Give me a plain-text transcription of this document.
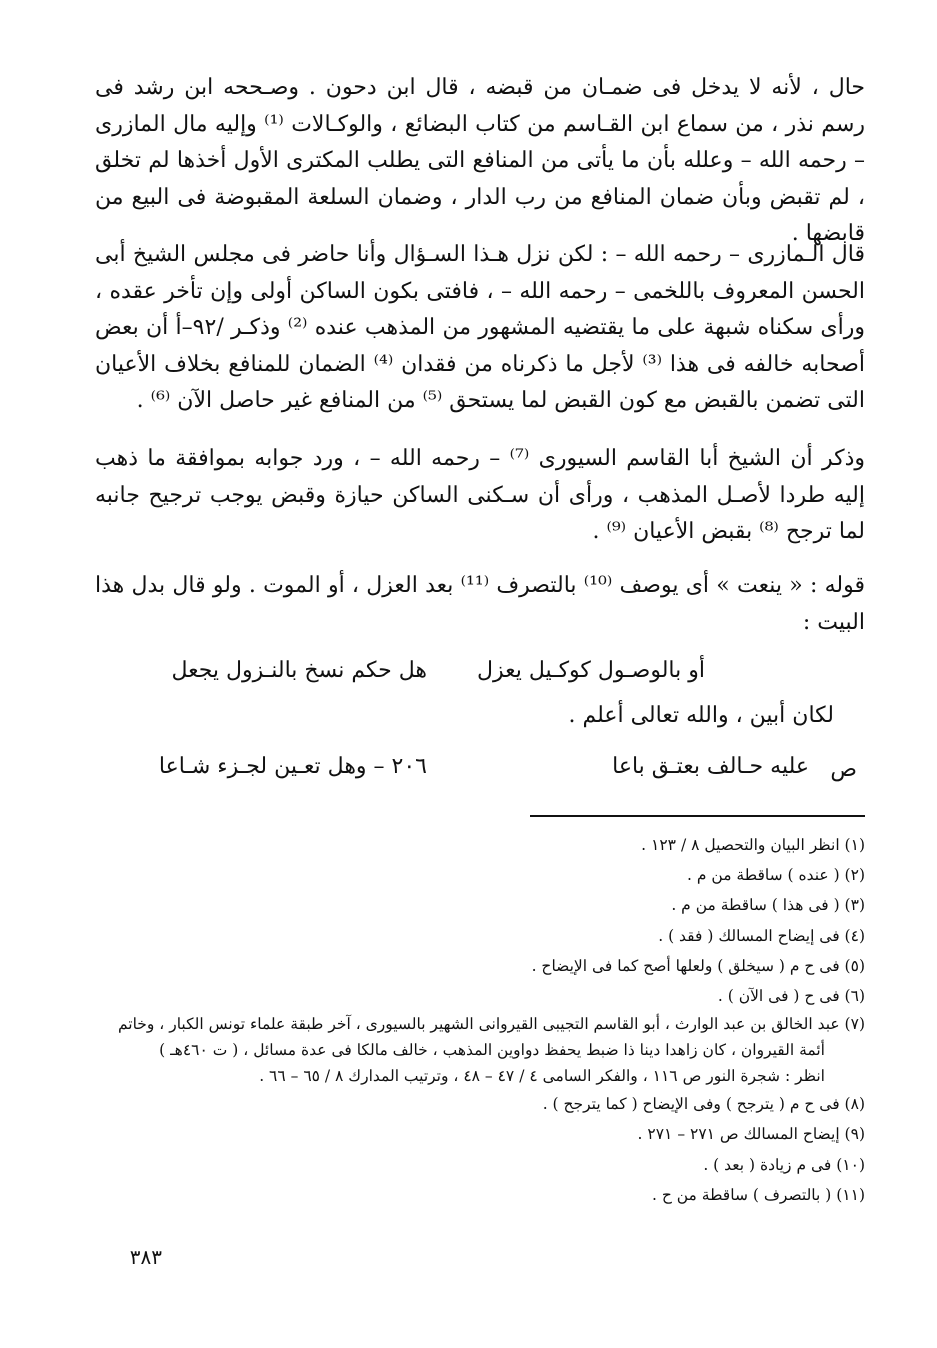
حال ، لأنه لا يدخل فى ضمـان من قبضه ، قال ابن دحون . وصـححه ابن رشد فى رسم نذر ، من سماع ابن القـاسم من كتاب البضائع ، والوكـالات ⁽¹⁾ وإليه مال المازرى – رحمه الله – وعلله بأن ما يأتى من المنافع التى يطلب المكترى الأول أخذها لم تخلق ، لم تقبض وبأن ضمان المنافع من رب الدار ، وضمان السلعة المقبوضة فى البيع من قابضها .

قال الـمازرى – رحمه الله – : لكن نزل هـذا السـؤال وأنا حاضر فى مجلس الشيخ أبى الحسن المعروف باللخمى – رحمه الله – ، فافتى بكون الساكن أولى وإن تأخر عقده ، ورأى سكناه شبهة على ما يقتضيه المشهور من المذهب عنده ⁽²⁾ وذكـر /٩٢–أ أن بعض أصحابه خالفه فى هذا ⁽³⁾ لأجل ما ذكرناه من فقدان ⁽⁴⁾ الضمان للمنافع بخلاف الأعيان التى تضمن بالقبض مع كون القبض لما يستحق ⁽⁵⁾ من المنافع غير حاصل الآن ⁽⁶⁾ .

وذكر أن الشيخ أبا القاسم السيورى ⁽⁷⁾ – رحمه الله – ، ورد جوابه بموافقة ما ذهب إليه طردا لأصـل المذهب ، ورأى أن سـكنى الساكن حيازة وقبض يوجب ترجيح جانبه لما ترجح ⁽⁸⁾ بقبض الأعيان ⁽⁹⁾ .

قوله : « ينعت » أى يوصف ⁽¹⁰⁾ بالتصرف ⁽¹¹⁾ بعد العزل ، أو الموت . ولو قال بدل هذا البيت :

هل حكم نسخ بالنـزول يجعل أو بالوصـول كوكـيل يعزل
لكان أبين ، والله تعالى أعلم .
ص
٢٠٦ – وهل تعـين لجـزء شـاعا	عليه حـالف بعتـق باعا
(١) انظر البيان والتحصيل ٨ / ١٢٣ .
(٢) ( عنده ) ساقطة من م .
(٣) ( فى هذا ) ساقطة من م .
(٤) فى إيضاح المسالك ( فقد ) .
(٥) فى ح م ( سيخلق ) ولعلها أصح كما فى الإيضاح .
(٦) فى ح ( فى الآن ) .
(٧) عبد الخالق بن عبد الوارث ، أبو القاسم التجيبى القيروانى الشهير بالسيورى ، آخر طبقة علماء تونس الكبار ، وخاتم
أئمة القيروان ، كان زاهدا دينا ذا ضبط يحفظ دواوين المذهب ، خالف مالكا فى عدة مسائل ، ( ت ٤٦٠هـ )
انظر : شجرة النور ص ١١٦ ، والفكر السامى ٤ / ٤٧ – ٤٨ ، وترتيب المدارك ٨ / ٦٥ – ٦٦ .
(٨) فى ح م ( يترجح ) وفى الإيضاح ( كما يترجح ) .
(٩) إيضاح المسالك ص ٢٧١ – ٢٧١ .
(١٠) فى م زيادة ( بعد ) .
(١١) ( بالتصرف ) ساقطة من ح .
٣٨٣
